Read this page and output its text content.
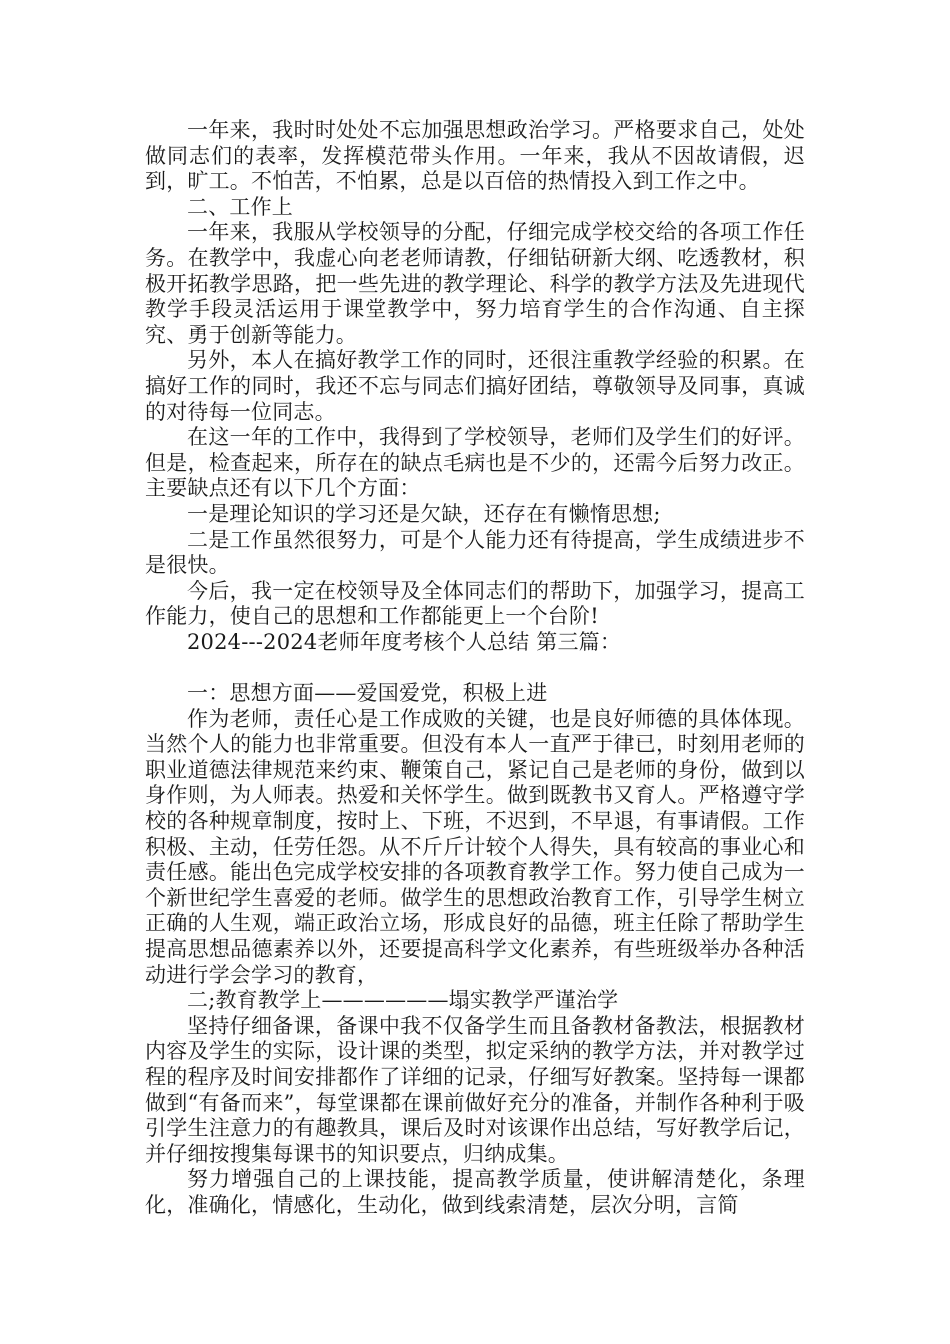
一年来，我时时处处不忘加强思想政治学习。严格要求自己，处处做同志们的表率，发挥模范带头作用。一年来，我从不因故请假，迟到，旷工。不怕苦，不怕累，总是以百倍的热情投入到工作之中。

二、工作上

一年来，我服从学校领导的分配，仔细完成学校交给的各项工作任务。在教学中，我虚心向老老师请教，仔细钻研新大纲、吃透教材，积极开拓教学思路，把一些先进的教学理论、科学的教学方法及先进现代教学手段灵活运用于课堂教学中，努力培育学生的合作沟通、自主探究、勇于创新等能力。

另外，本人在搞好教学工作的同时，还很注重教学经验的积累。在搞好工作的同时，我还不忘与同志们搞好团结，尊敬领导及同事，真诚的对待每一位同志。

在这一年的工作中，我得到了学校领导，老师们及学生们的好评。但是，检查起来，所存在的缺点毛病也是不少的，还需今后努力改正。主要缺点还有以下几个方面：

一是理论知识的学习还是欠缺，还存在有懒惰思想;

二是工作虽然很努力，可是个人能力还有待提高，学生成绩进步不是很快。

今后，我一定在校领导及全体同志们的帮助下，加强学习，提高工作能力，使自己的思想和工作都能更上一个台阶!

2024---2024老师年度考核个人总结 第三篇：

一：思想方面——爱国爱党，积极上进

作为老师，责任心是工作成败的关键，也是良好师德的具体体现。当然个人的能力也非常重要。但没有本人一直严于律已，时刻用老师的职业道德法律规范来约束、鞭策自己，紧记自己是老师的身份，做到以身作则，为人师表。热爱和关怀学生。做到既教书又育人。严格遵守学校的各种规章制度，按时上、下班，不迟到，不早退，有事请假。工作积极、主动，任劳任怨。从不斤斤计较个人得失，具有较高的事业心和责任感。能出色完成学校安排的各项教育教学工作。努力使自己成为一个新世纪学生喜爱的老师。做学生的思想政治教育工作，引导学生树立正确的人生观，端正政治立场，形成良好的品德，班主任除了帮助学生提高思想品德素养以外，还要提高科学文化素养，有些班级举办各种活动进行学会学习的教育，

二;教育教学上——————塌实教学严谨治学

坚持仔细备课，备课中我不仅备学生而且备教材备教法，根据教材内容及学生的实际，设计课的类型，拟定采纳的教学方法，并对教学过程的程序及时间安排都作了详细的记录，仔细写好教案。坚持每一课都做到“有备而来”，每堂课都在课前做好充分的准备，并制作各种利于吸引学生注意力的有趣教具，课后及时对该课作出总结，写好教学后记，并仔细按搜集每课书的知识要点，归纳成集。

努力增强自己的上课技能，提高教学质量，使讲解清楚化，条理化，准确化，情感化，生动化，做到线索清楚，层次分明，言简
